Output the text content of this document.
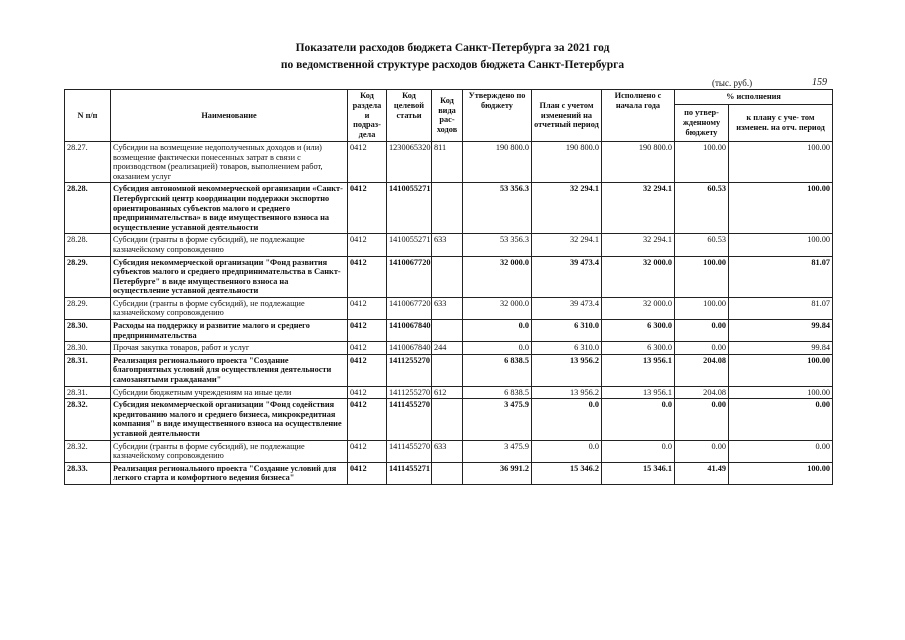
Показатели расходов бюджета Санкт-Петербурга за 2021 год
по ведомственной структуре расходов бюджета Санкт-Петербурга
(тыс. руб.)	159
N п/п	Наименование	Код раздела и подраз- дела	Код целевой статьи	Код вида рас- ходов	Утверждено по бюджету	План с учетом изменений на отчетный период	Исполнено с начала года	% исполнения	
								по утвер- жденному бюджету	к плану с уче- том изменен. на отч. период
28.27.	Субсидии на возмещение недополученных доходов и (или) возмещение фактически понесенных затрат в связи с производством (реализацией) товаров, выполнением работ, оказанием услуг	0412	1230065320	811	190 800.0	190 800.0	190 800.0	100.00	100.00
28.28.	Субсидия автономной некоммерческой организации «Санкт-Петербургский центр координации поддержки экспортно ориентированных субъектов малого и среднего предпринимательства» в виде имущественного взноса на осуществление уставной деятельности	0412	1410055271		53 356.3	32 294.1	32 294.1	60.53	100.00
28.28.	Субсидии (гранты в форме субсидий), не подлежащие казначейскому сопровождению	0412	1410055271	633	53 356.3	32 294.1	32 294.1	60.53	100.00
28.29.	Субсидия некоммерческой организации "Фонд развития субъектов малого и среднего предпринимательства в Санкт-Петербурге" в виде имущественного взноса на осуществление уставной деятельности	0412	1410067720		32 000.0	39 473.4	32 000.0	100.00	81.07
28.29.	Субсидии (гранты в форме субсидий), не подлежащие казначейскому сопровождению	0412	1410067720	633	32 000.0	39 473.4	32 000.0	100.00	81.07
28.30.	Расходы на поддержку и развитие малого и среднего предпринимательства	0412	1410067840		0.0	6 310.0	6 300.0	0.00	99.84
28.30.	Прочая закупка товаров, работ и услуг	0412	1410067840	244	0.0	6 310.0	6 300.0	0.00	99.84
28.31.	Реализация регионального проекта "Создание благоприятных условий для осуществления деятельности самозанятыми гражданами"	0412	1411255270		6 838.5	13 956.2	13 956.1	204.08	100.00
28.31.	Субсидии бюджетным учреждениям на иные цели	0412	1411255270	612	6 838.5	13 956.2	13 956.1	204.08	100.00
28.32.	Субсидия некоммерческой организации "Фонд содействия кредитованию малого и среднего бизнеса, микрокредитная компания" в виде имущественного взноса на осуществление уставной деятельности	0412	1411455270		3 475.9	0.0	0.0	0.00	0.00
28.32.	Субсидии (гранты в форме субсидий), не подлежащие казначейскому сопровождению	0412	1411455270	633	3 475.9	0.0	0.0	0.00	0.00
28.33.	Реализация регионального проекта "Создание условий для легкого старта и комфортного ведения бизнеса"	0412	1411455271		36 991.2	15 346.2	15 346.1	41.49	100.00
